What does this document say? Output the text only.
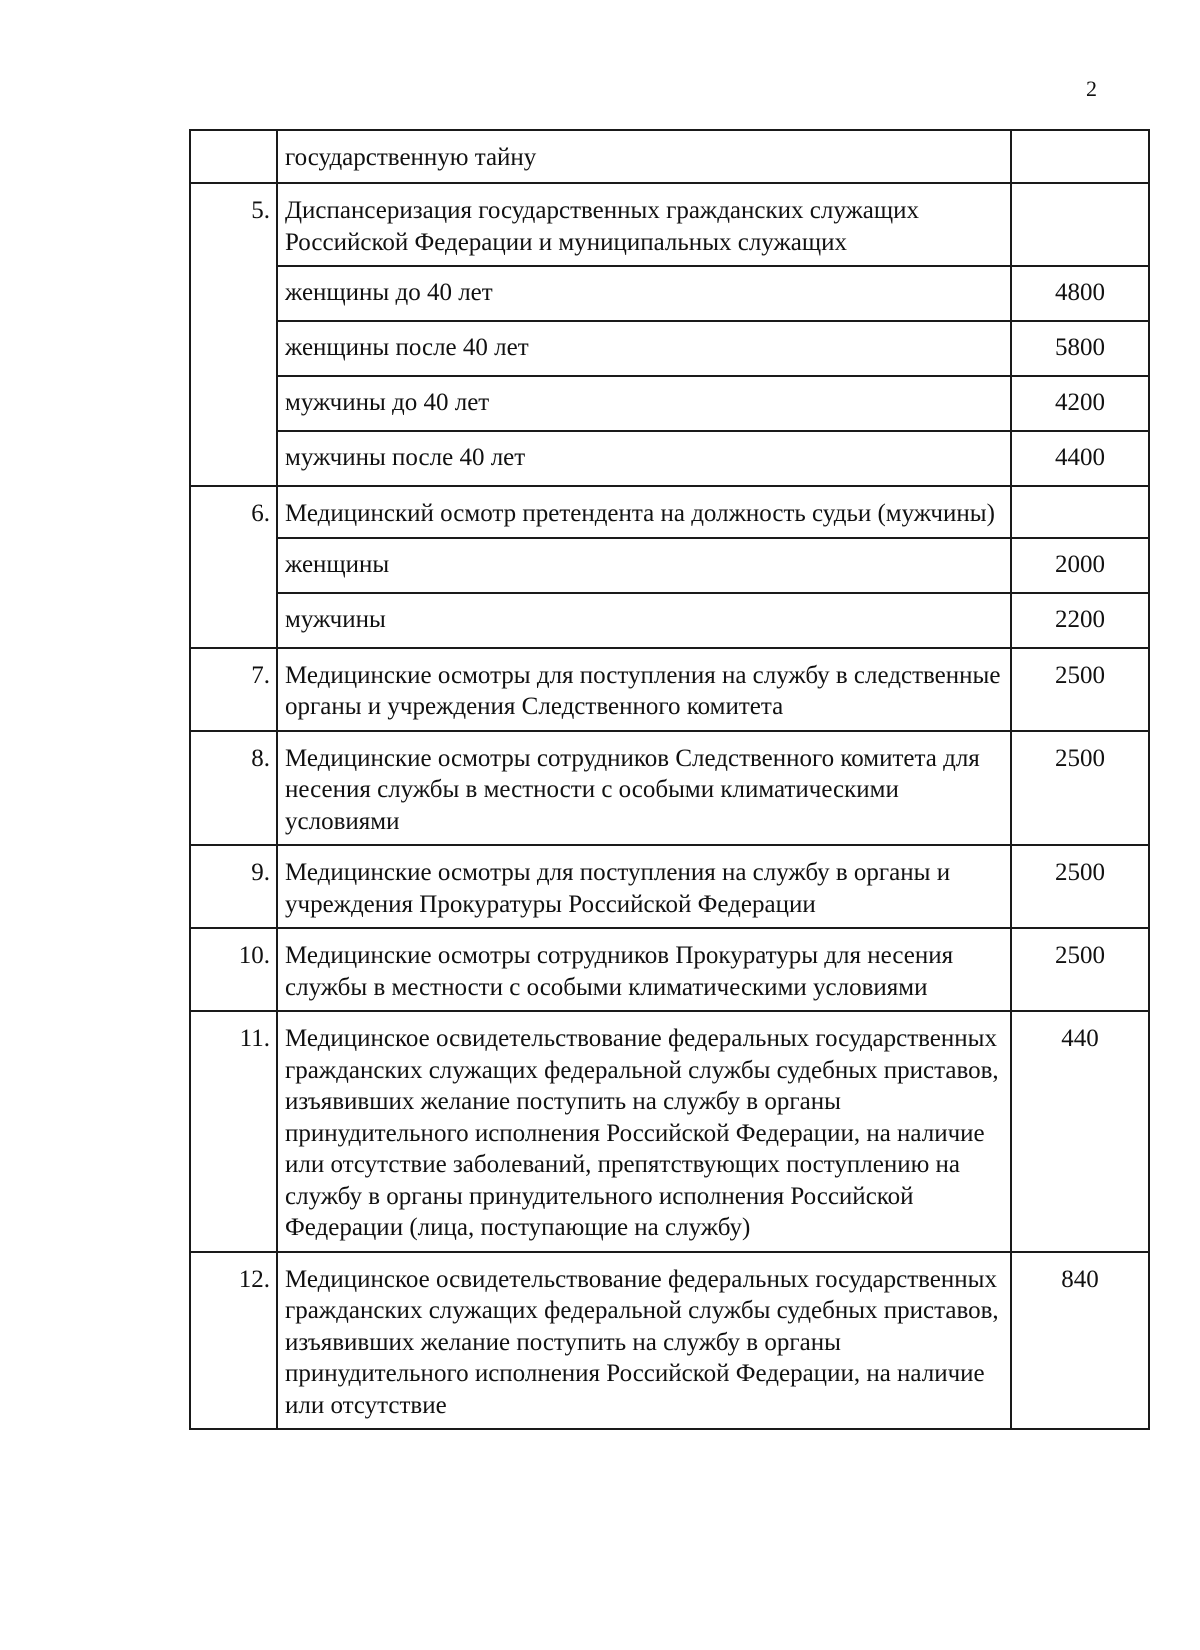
2
	государственную тайну	
5.	Диспансеризация государственных гражданских служащих Российской Федерации и муниципальных служащих	
	женщины до 40 лет	4800
	женщины после 40 лет	5800
	мужчины до 40 лет	4200
	мужчины после 40 лет	4400
6.	Медицинский осмотр претендента на должность судьи (мужчины)	
	женщины	2000
	мужчины	2200
7.	Медицинские осмотры для поступления на службу в следственные органы и учреждения Следственного комитета	2500
8.	Медицинские осмотры сотрудников Следственного комитета для несения службы в местности с особыми климатическими условиями	2500
9.	Медицинские осмотры для поступления на службу в органы и учреждения Прокуратуры Российской Федерации	2500
10.	Медицинские осмотры сотрудников Прокуратуры для несения службы в местности с особыми климатическими условиями	2500
11.	Медицинское освидетельствование федеральных государственных гражданских служащих федеральной службы судебных приставов, изъявивших желание поступить на службу в органы принудительного исполнения Российской Федерации, на наличие или отсутствие заболеваний, препятствующих поступлению на службу в органы принудительного исполнения Российской Федерации (лица, поступающие на службу)	440
12.	Медицинское освидетельствование федеральных государственных гражданских служащих федеральной службы судебных приставов, изъявивших желание поступить на службу в органы принудительного исполнения Российской Федерации, на наличие или отсутствие	840
